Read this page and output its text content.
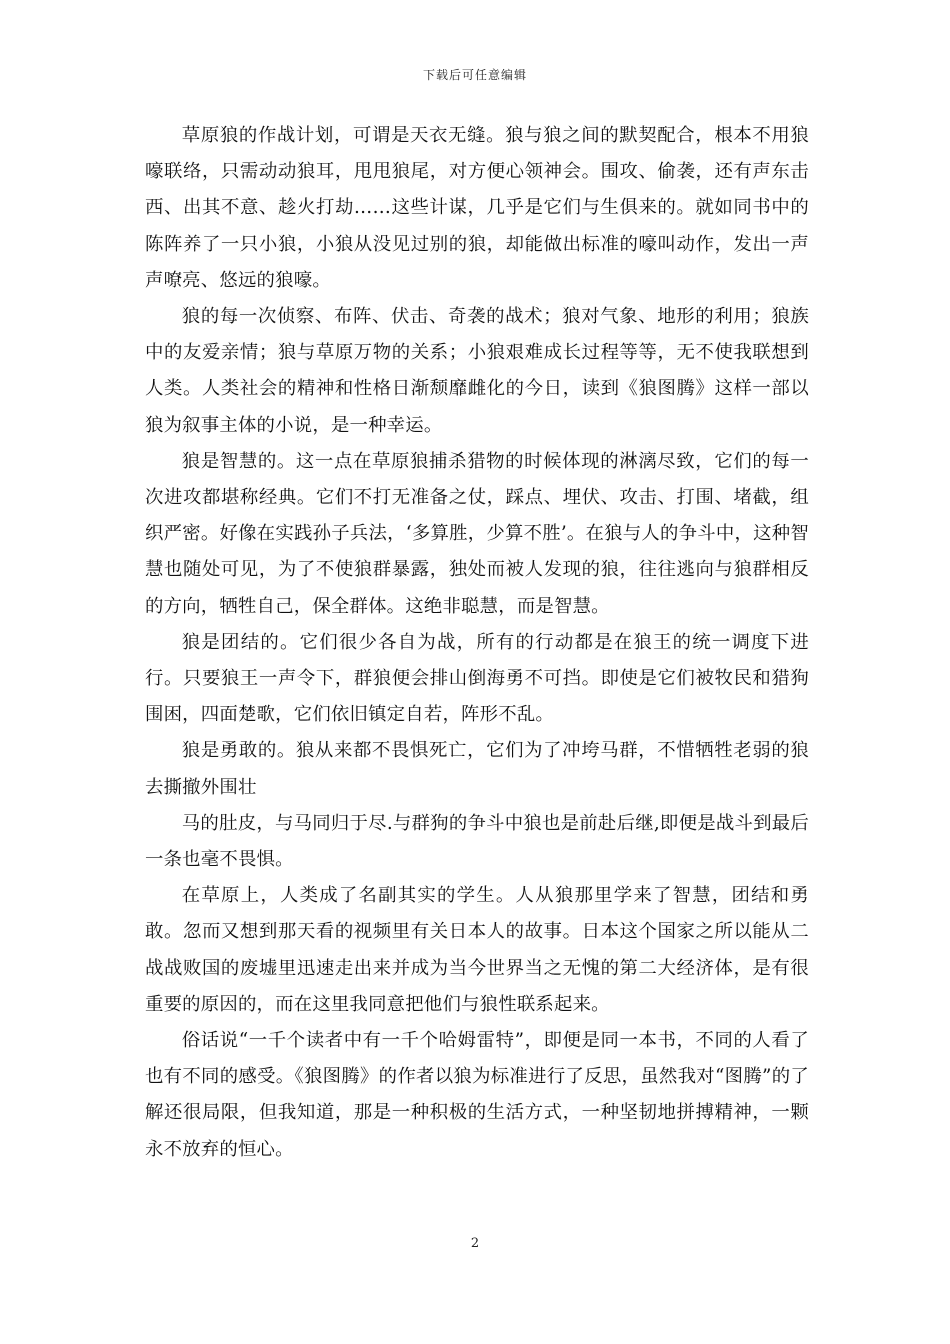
下载后可任意编辑

草原狼的作战计划，可谓是天衣无缝。狼与狼之间的默契配合，根本不用狼嚎联络，只需动动狼耳，甩甩狼尾，对方便心领神会。围攻、偷袭，还有声东击西、出其不意、趁火打劫……这些计谋，几乎是它们与生俱来的。就如同书中的陈阵养了一只小狼，小狼从没见过别的狼，却能做出标准的嚎叫动作，发出一声声嘹亮、悠远的狼嚎。

狼的每一次侦察、布阵、伏击、奇袭的战术；狼对气象、地形的利用；狼族中的友爱亲情；狼与草原万物的关系；小狼艰难成长过程等等，无不使我联想到人类。人类社会的精神和性格日渐颓靡雌化的今日，读到《狼图腾》这样一部以狼为叙事主体的小说，是一种幸运。

狼是智慧的。这一点在草原狼捕杀猎物的时候体现的淋漓尽致，它们的每一次进攻都堪称经典。它们不打无准备之仗，踩点、埋伏、攻击、打围、堵截，组织严密。好像在实践孙子兵法，‘多算胜，少算不胜’。在狼与人的争斗中，这种智慧也随处可见，为了不使狼群暴露，独处而被人发现的狼，往往逃向与狼群相反的方向，牺牲自己，保全群体。这绝非聪慧，而是智慧。

狼是团结的。它们很少各自为战，所有的行动都是在狼王的统一调度下进行。只要狼王一声令下，群狼便会排山倒海勇不可挡。即使是它们被牧民和猎狗围困，四面楚歌，它们依旧镇定自若，阵形不乱。

狼是勇敢的。狼从来都不畏惧死亡，它们为了冲垮马群，不惜牺牲老弱的狼去撕撤外围壮

马的肚皮，与马同归于尽.与群狗的争斗中狼也是前赴后继,即便是战斗到最后一条也毫不畏惧。

在草原上，人类成了名副其实的学生。人从狼那里学来了智慧，团结和勇敢。忽而又想到那天看的视频里有关日本人的故事。日本这个国家之所以能从二战战败国的废墟里迅速走出来并成为当今世界当之无愧的第二大经济体，是有很重要的原因的，而在这里我同意把他们与狼性联系起来。

俗话说“一千个读者中有一千个哈姆雷特”，即便是同一本书，不同的人看了也有不同的感受。《狼图腾》的作者以狼为标准进行了反思，虽然我对“图腾”的了解还很局限，但我知道，那是一种积极的生活方式，一种坚韧地拼搏精神，一颗永不放弃的恒心。

2
